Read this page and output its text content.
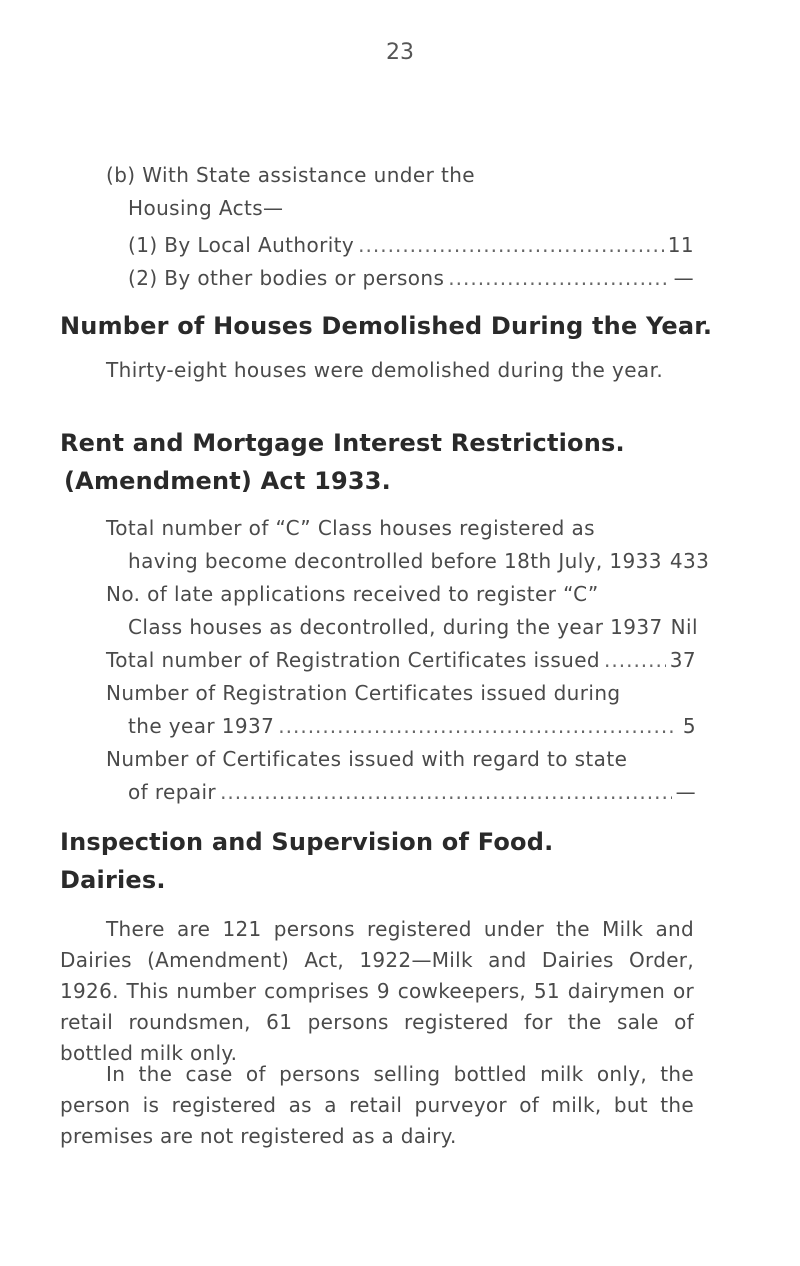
23
(b) With State assistance under the
Housing Acts—
(1) By Local Authority .....	11
(2) By other bodies or persons .....	—
Number of Houses Demolished During the Year.
Thirty-eight houses were demolished during the year.
Rent and Mortgage Interest Restrictions.
(Amendment) Act 1933.
Total number of “C” Class houses registered as
having become decontrolled before 18th July, 1933 433
No. of late applications received to register “C”
Class houses as decontrolled, during the year 1937 Nil
Total number of Registration Certificates issued .....	37
Number of Registration Certificates issued during
the year 1937 .....	5
Number of Certificates issued with regard to state
of repair .....	—
Inspection and Supervision of Food.
Dairies.

There are 121 persons registered under the Milk and Dairies (Amendment) Act, 1922—Milk and Dairies Order, 1926. This number comprises 9 cowkeepers, 51 dairymen or retail roundsmen, 61 persons registered for the sale of bottled milk only.

In the case of persons selling bottled milk only, the person is registered as a retail purveyor of milk, but the premises are not registered as a dairy.
